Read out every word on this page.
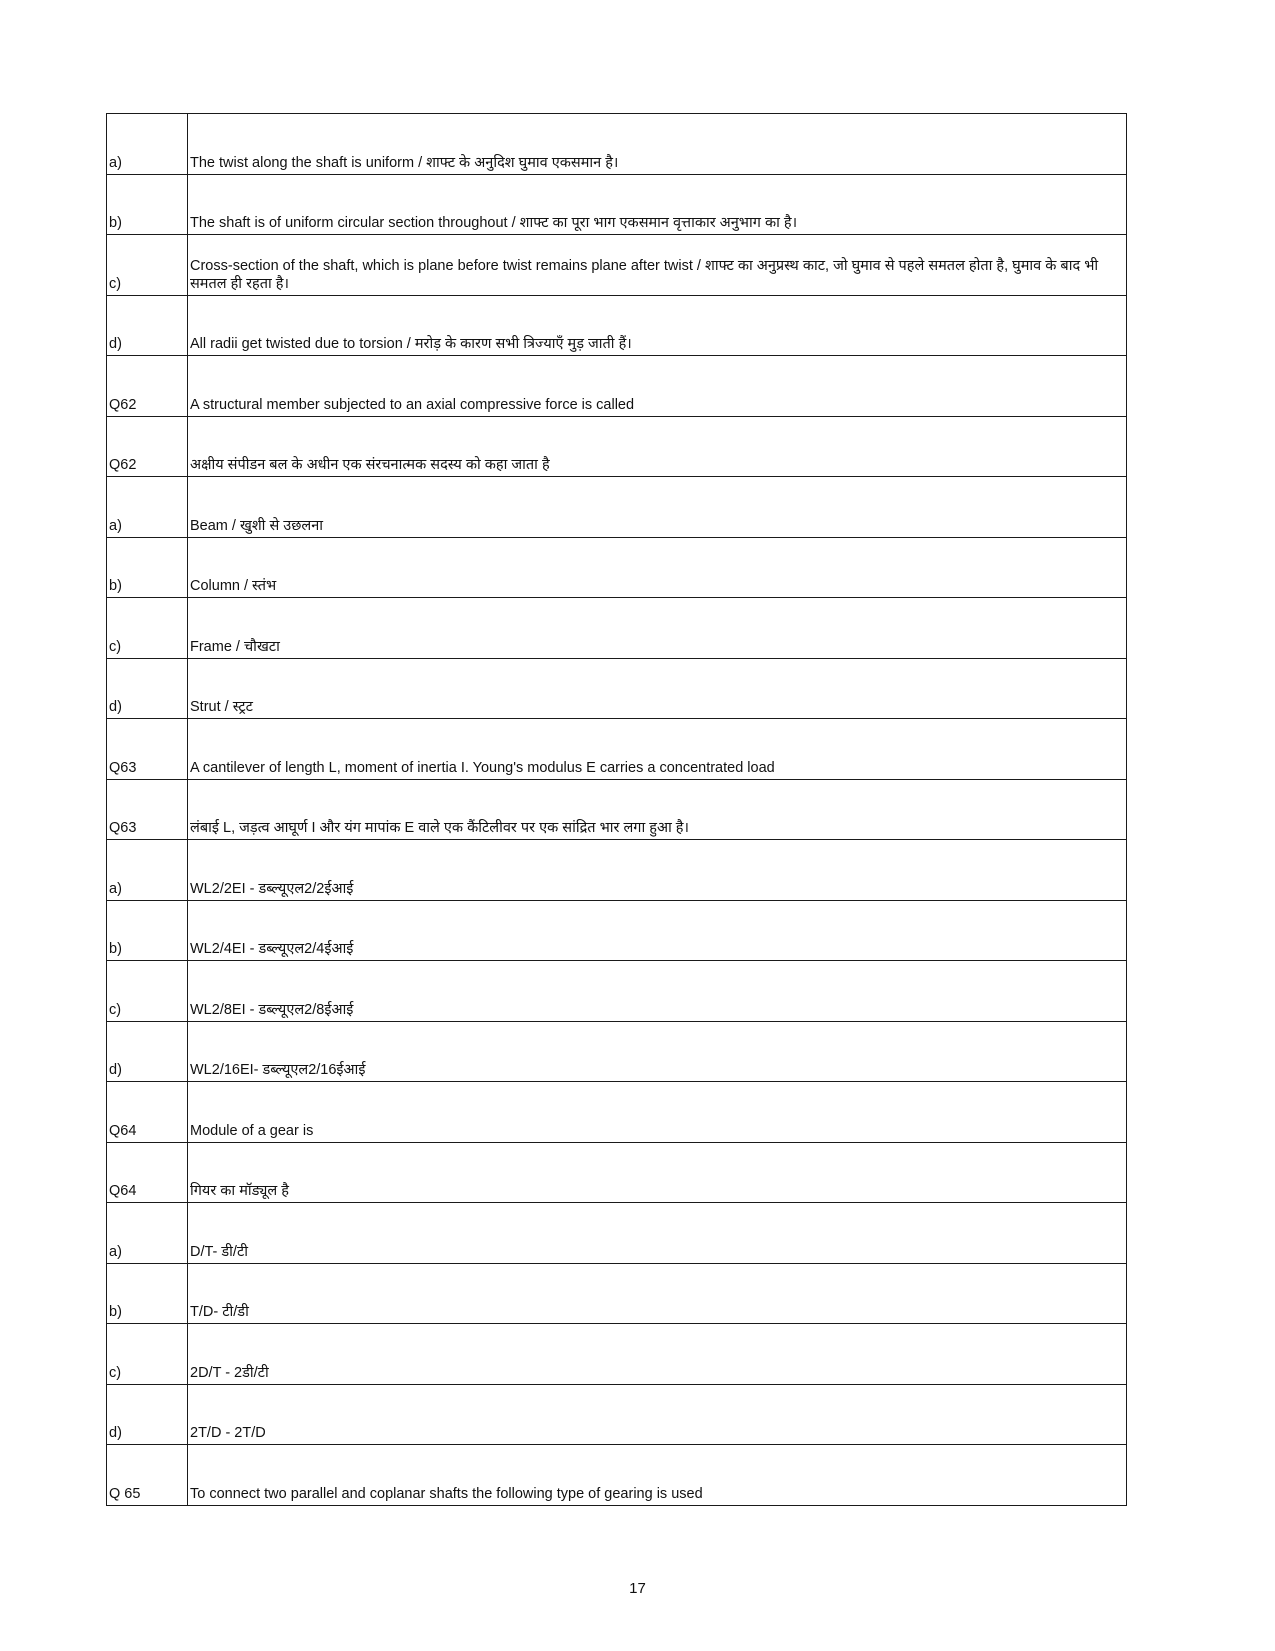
a)	The twist along the shaft is uniform / शाफ्ट के अनुदिश घुमाव एकसमान है।
b)	The shaft is of uniform circular section throughout / शाफ्ट का पूरा भाग एकसमान वृत्ताकार अनुभाग का है।
c)	Cross-section of the shaft, which is plane before twist remains plane after twist / शाफ्ट का अनुप्रस्थ काट, जो घुमाव से पहले समतल होता है, घुमाव के बाद भी समतल ही रहता है।
d)	All radii get twisted due to torsion / मरोड़ के कारण सभी त्रिज्याएँ मुड़ जाती हैं।
Q62	A structural member subjected to an axial compressive force is called
Q62	अक्षीय संपीडन बल के अधीन एक संरचनात्मक सदस्य को कहा जाता है
a)	Beam / खुशी से उछलना
b)	Column / स्तंभ
c)	Frame / चौखटा
d)	Strut / स्ट्रट
Q63	A cantilever of length L, moment of inertia I. Young's modulus E carries a concentrated load
Q63	लंबाई L, जड़त्व आघूर्ण I और यंग मापांक E वाले एक कैंटिलीवर पर एक सांद्रित भार लगा हुआ है।
a)	WL2/2EI - डब्ल्यूएल2/2ईआई
b)	WL2/4EI - डब्ल्यूएल2/4ईआई
c)	WL2/8EI - डब्ल्यूएल2/8ईआई
d)	WL2/16EI- डब्ल्यूएल2/16ईआई
Q64	Module of a gear is
Q64	गियर का मॉड्यूल है
a)	D/T- डी/टी
b)	T/D- टी/डी
c)	2D/T - 2डी/टी
d)	2T/D - 2T/D
Q 65	To connect two parallel and coplanar shafts the following type of gearing is used
17
